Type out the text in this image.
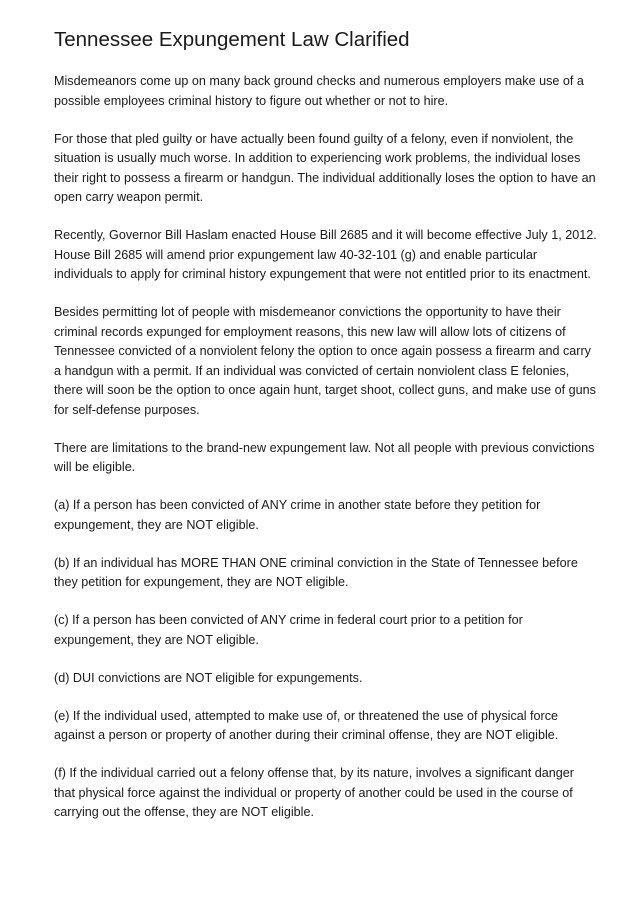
Tennessee Expungement Law Clarified

Misdemeanors come up on many back ground checks and numerous employers make use of a possible employees criminal history to figure out whether or not to hire.

For those that pled guilty or have actually been found guilty of a felony, even if nonviolent, the situation is usually much worse. In addition to experiencing work problems, the individual loses their right to possess a firearm or handgun. The individual additionally loses the option to have an open carry weapon permit.

Recently, Governor Bill Haslam enacted House Bill 2685 and it will become effective July 1, 2012. House Bill 2685 will amend prior expungement law 40-32-101 (g) and enable particular individuals to apply for criminal history expungement that were not entitled prior to its enactment.

Besides permitting lot of people with misdemeanor convictions the opportunity to have their criminal records expunged for employment reasons, this new law will allow lots of citizens of Tennessee convicted of a nonviolent felony the option to once again possess a firearm and carry a handgun with a permit. If an individual was convicted of certain nonviolent class E felonies, there will soon be the option to once again hunt, target shoot, collect guns, and make use of guns for self-defense purposes.

There are limitations to the brand-new expungement law. Not all people with previous convictions will be eligible.

(a) If a person has been convicted of ANY crime in another state before they petition for expungement, they are NOT eligible.

(b) If an individual has MORE THAN ONE criminal conviction in the State of Tennessee before they petition for expungement, they are NOT eligible.

(c) If a person has been convicted of ANY crime in federal court prior to a petition for expungement, they are NOT eligible.

(d) DUI convictions are NOT eligible for expungements.

(e) If the individual used, attempted to make use of, or threatened the use of physical force against a person or property of another during their criminal offense, they are NOT eligible.

(f) If the individual carried out a felony offense that, by its nature, involves a significant danger that physical force against the individual or property of another could be used in the course of carrying out the offense, they are NOT eligible.
